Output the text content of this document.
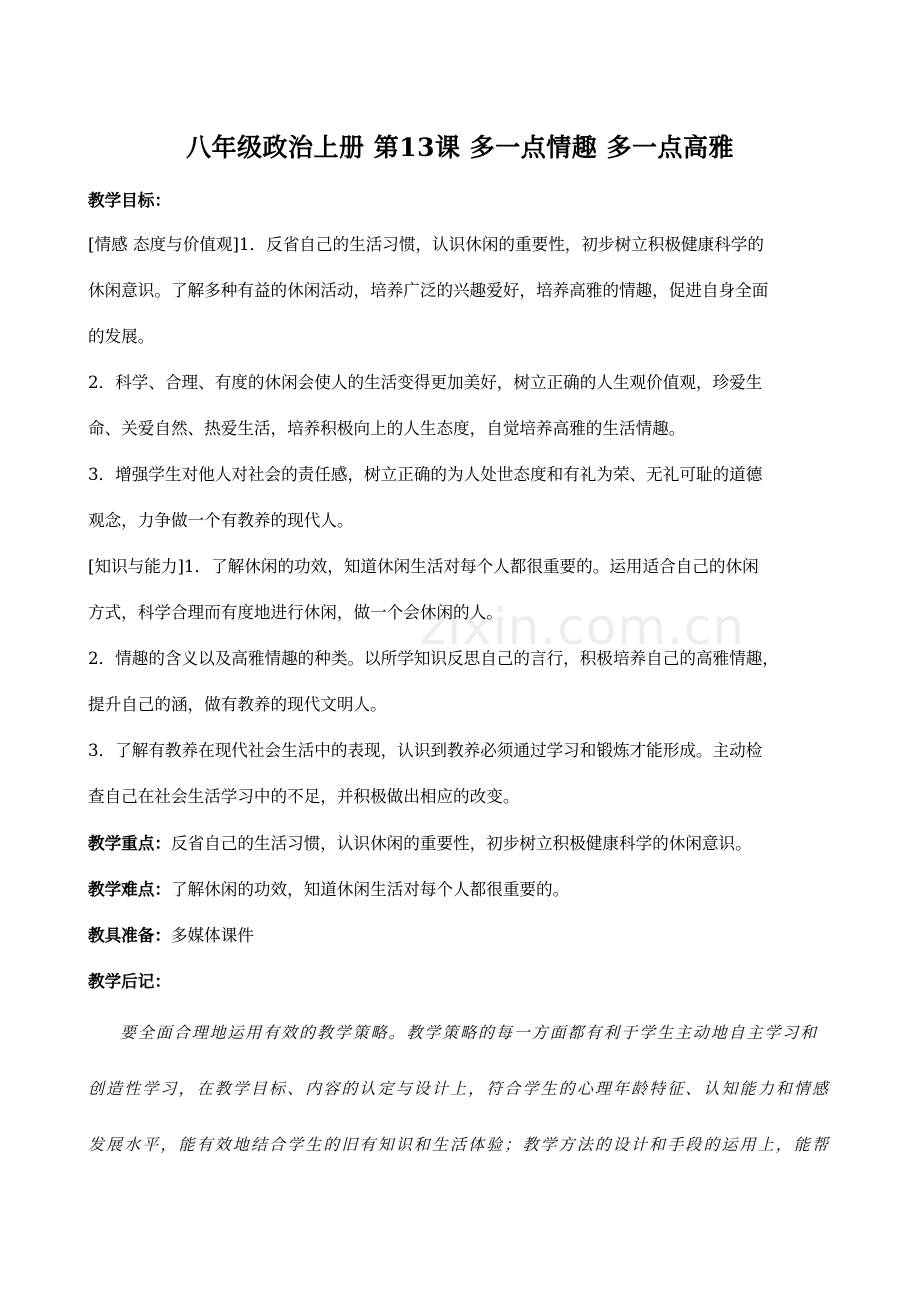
zixin.com.cn
八年级政治上册 第13课 多一点情趣 多一点高雅
教学目标：
[情感 态度与价值观]1．反省自己的生活习惯，认识休闲的重要性，初步树立积极健康科学的
休闲意识。了解多种有益的休闲活动，培养广泛的兴趣爱好，培养高雅的情趣，促进自身全面
的发展。
2．科学、合理、有度的休闲会使人的生活变得更加美好，树立正确的人生观价值观，珍爱生
命、关爱自然、热爱生活，培养积极向上的人生态度，自觉培养高雅的生活情趣。
3．增强学生对他人对社会的责任感，树立正确的为人处世态度和有礼为荣、无礼可耻的道德
观念，力争做一个有教养的现代人。
[知识与能力]1．了解休闲的功效，知道休闲生活对每个人都很重要的。运用适合自己的休闲
方式，科学合理而有度地进行休闲，做一个会休闲的人。
2．情趣的含义以及高雅情趣的种类。以所学知识反思自己的言行，积极培养自己的高雅情趣，
提升自己的涵，做有教养的现代文明人。
3．了解有教养在现代社会生活中的表现，认识到教养必须通过学习和锻炼才能形成。主动检
查自己在社会生活学习中的不足，并积极做出相应的改变。
教学重点：反省自己的生活习惯，认识休闲的重要性，初步树立积极健康科学的休闲意识。
教学难点：了解休闲的功效，知道休闲生活对每个人都很重要的。
教具准备：多媒体课件
教学后记：
要全面合理地运用有效的教学策略。教学策略的每一方面都有利于学生主动地自主学习和
创造性学习，在教学目标、内容的认定与设计上，符合学生的心理年龄特征、认知能力和情感
发展水平，能有效地结合学生的旧有知识和生活体验；教学方法的设计和手段的运用上，能帮
